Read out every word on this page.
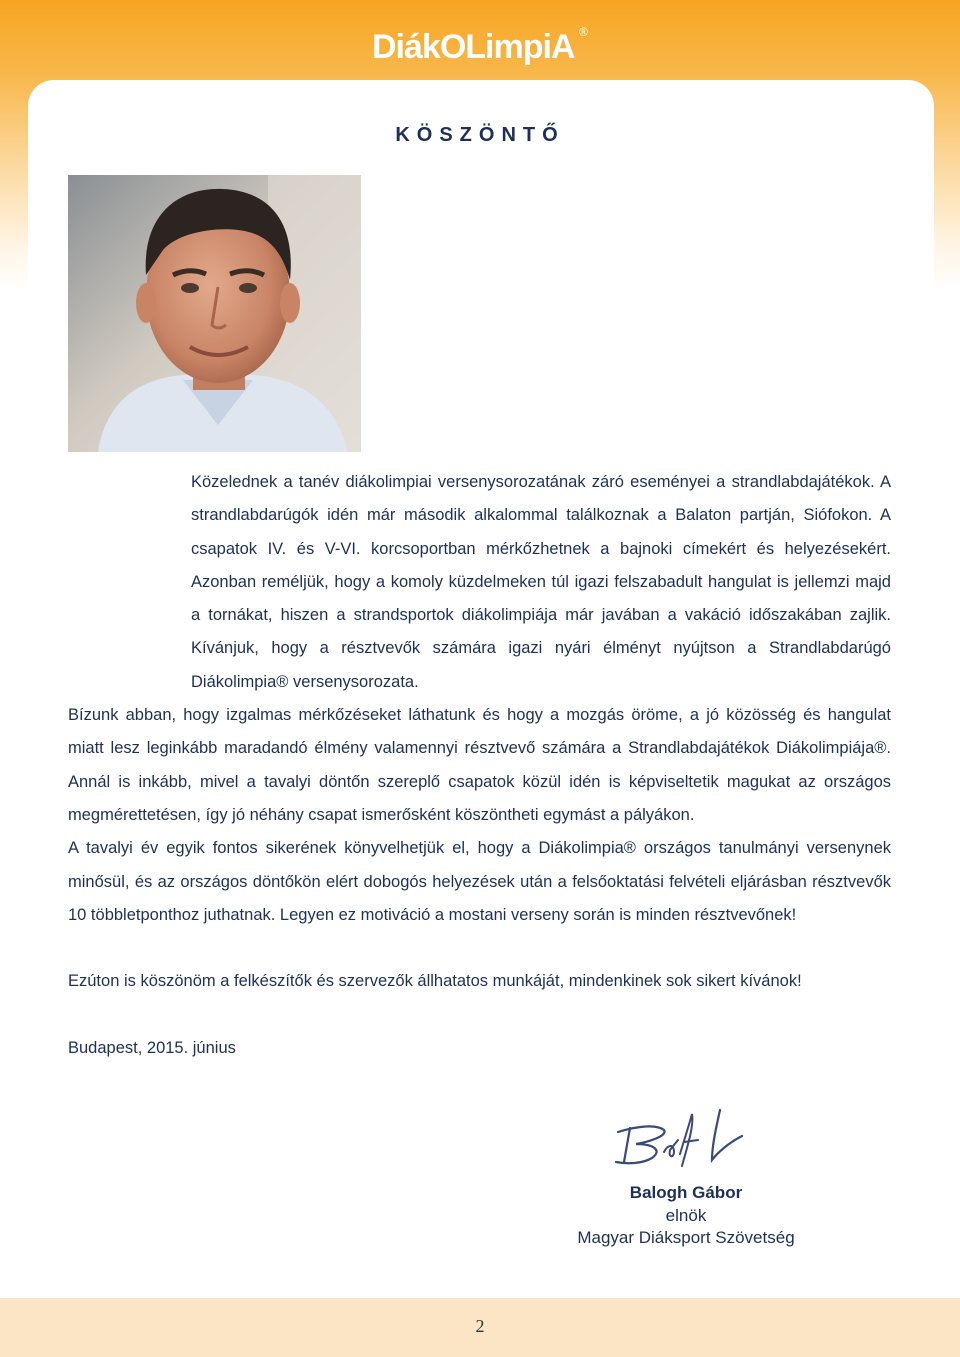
DiákOLimpiA ®
KÖSZÖNTŐ

Közelednek a tanév diákolimpiai versenysorozatának záró eseményei a strandlabdajátékok. A strandlabdarúgók idén már második alkalommal találkoznak a Balaton partján, Siófokon. A csapatok IV. és V-VI. korcsoportban mérkőzhetnek a bajnoki címekért és helyezésekért. Azonban reméljük, hogy a komoly küzdelmeken túl igazi felszabadult hangulat is jellemzi majd a tornákat, hiszen a strandsportok diákolimpiája már javában a vakáció időszakában zajlik. Kívánjuk, hogy a résztvevők számára igazi nyári élményt nyújtson a Strandlabdarúgó Diákolimpia® versenysorozata.

Bízunk abban, hogy izgalmas mérkőzéseket láthatunk és hogy a mozgás öröme, a jó közösség és hangulat miatt lesz leginkább maradandó élmény valamennyi résztvevő számára a Strandlabdajátékok Diákolimpiája®. Annál is inkább, mivel a tavalyi döntőn szereplő csapatok közül idén is képviseltetik magukat az országos megmérettetésen, így jó néhány csapat ismerősként köszöntheti egymást a pályákon.

A tavalyi év egyik fontos sikerének könyvelhetjük el, hogy a Diákolimpia® országos tanulmányi versenynek minősül, és az országos döntőkön elért dobogós helyezések után a felsőoktatási felvételi eljárásban résztvevők 10 többletponthoz juthatnak. Legyen ez motiváció a mostani verseny során is minden résztvevőnek!

Ezúton is köszönöm a felkészítők és szervezők állhatatos munkáját, mindenkinek sok sikert kívánok!

Budapest, 2015. június

Balogh Gábor
elnök
Magyar Diáksport Szövetség
2
